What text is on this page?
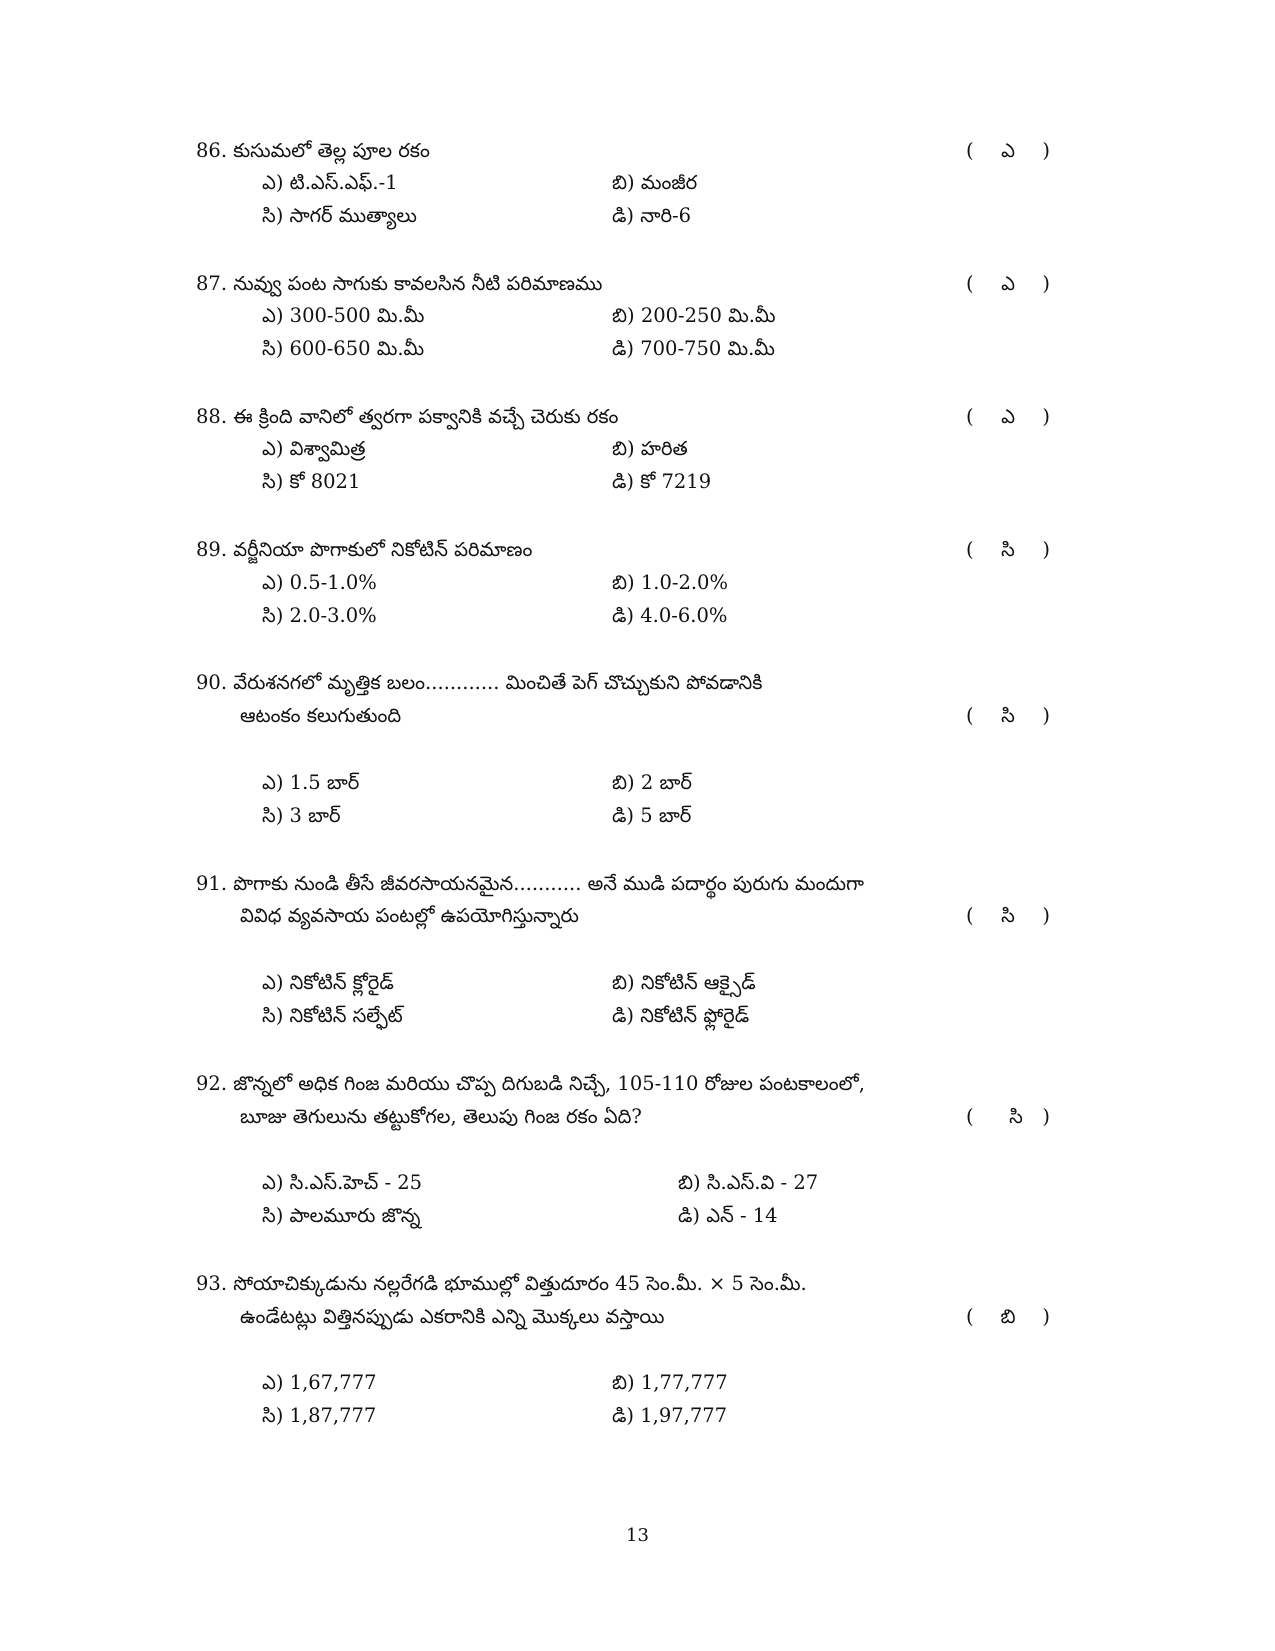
86. కుసుమలో తెల్ల పూల రకం	(	ఎ	)
ఎ) టి.ఎస్.ఎఫ్.-1	బి) మంజీర
సి) సాగర్ ముత్యాలు	డి) నారి-6
87. నువ్వు పంట సాగుకు కావలసిన నీటి పరిమాణము	(	ఎ	)
ఎ) 300-500 మి.మీ	బి) 200-250 మి.మీ
సి) 600-650 మి.మీ	డి) 700-750 మి.మీ
88. ఈ క్రింది వానిలో త్వరగా పక్వానికి వచ్చే చెరుకు రకం	(	ఎ	)
ఎ) విశ్వామిత్ర	బి) హరిత
సి) కో 8021	డి) కో 7219
89. వర్జీనియా పొగాకులో నికోటిన్ పరిమాణం	(	సి	)
ఎ) 0.5-1.0%	బి) 1.0-2.0%
సి) 2.0-3.0%	డి) 4.0-6.0%
90. వేరుశనగలో మృత్తిక బలం............ మించితే పెగ్ చొచ్చుకుని పోవడానికి
ఆటంకం కలుగుతుంది	(	సి	)
ఎ) 1.5 బార్	బి) 2 బార్
సి) 3 బార్	డి) 5 బార్
91. పొగాకు నుండి తీసే జీవరసాయనమైన........... అనే ముడి పదార్థం పురుగు మందుగా
వివిధ వ్యవసాయ పంటల్లో ఉపయోగిస్తున్నారు	(	సి	)
ఎ) నికోటిన్ క్లోరైడ్	బి) నికోటిన్ ఆక్సైడ్
సి) నికోటిన్ సల్ఫేట్	డి) నికోటిన్ ఫ్లోరైడ్
92. జొన్నలో అధిక గింజ మరియు చొప్ప దిగుబడి నిచ్చే, 105-110 రోజుల పంటకాలంలో,
బూజు తెగులును తట్టుకోగల, తెలుపు గింజ రకం ఏది?	(	సి	)
ఎ) సి.ఎస్.హెచ్ - 25	బి) సి.ఎస్.వి - 27
సి) పాలమూరు జొన్న	డి) ఎన్ - 14
93. సోయాచిక్కుడును నల్లరేగడి భూముల్లో విత్తుదూరం 45 సెం.మీ. × 5 సెం.మీ.
ఉండేటట్లు విత్తినప్పుడు ఎకరానికి ఎన్ని మొక్కలు వస్తాయి	(	బి	)
ఎ) 1,67,777	బి) 1,77,777
సి) 1,87,777	డి) 1,97,777
13
